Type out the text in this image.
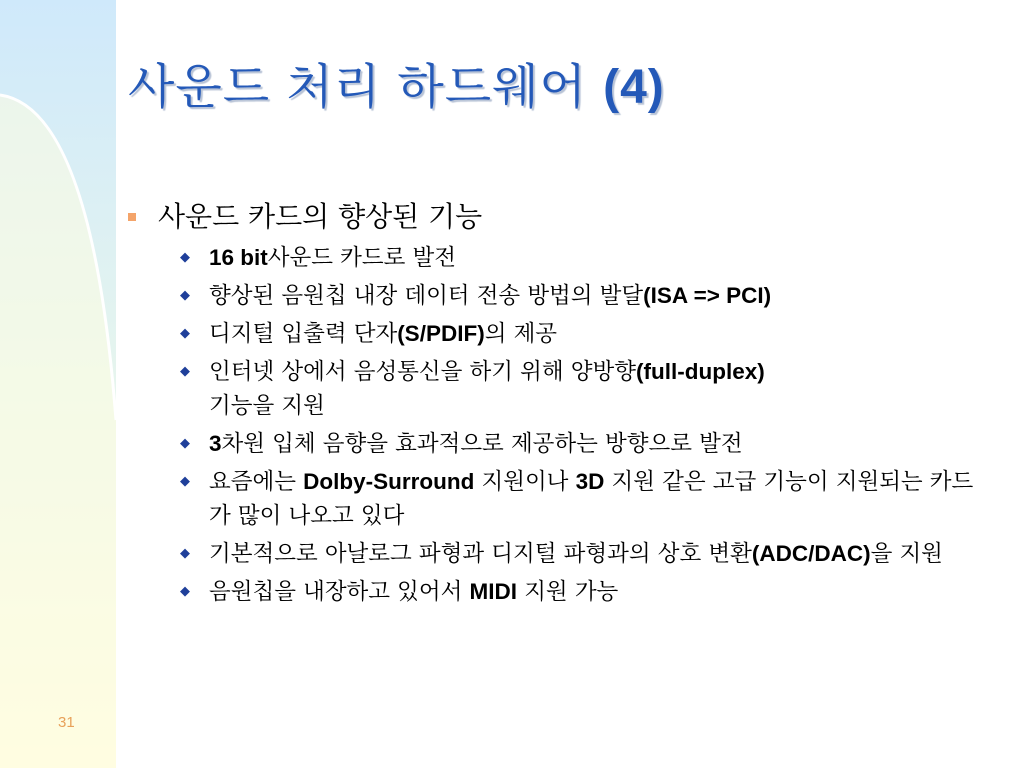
사운드 처리 하드웨어 (4)
사운드 카드의 향상된 기능
◆ 16 bit사운드 카드로 발전
◆ 향상된 음원칩 내장 데이터 전송 방법의 발달(ISA => PCI)
◆ 디지털 입출력 단자(S/PDIF)의 제공
◆ 인터넷 상에서 음성통신을 하기 위해 양방향(full-duplex)
기능을 지원
◆ 3차원 입체 음향을 효과적으로 제공하는 방향으로 발전
◆ 요즘에는 Dolby-Surround 지원이나 3D 지원 같은 고급 기능이 지원되는 카드가 많이 나오고 있다
◆ 기본적으로 아날로그 파형과 디지털 파형과의 상호 변환(ADC/DAC)을 지원
◆ 음원칩을 내장하고 있어서 MIDI 지원 가능
31
